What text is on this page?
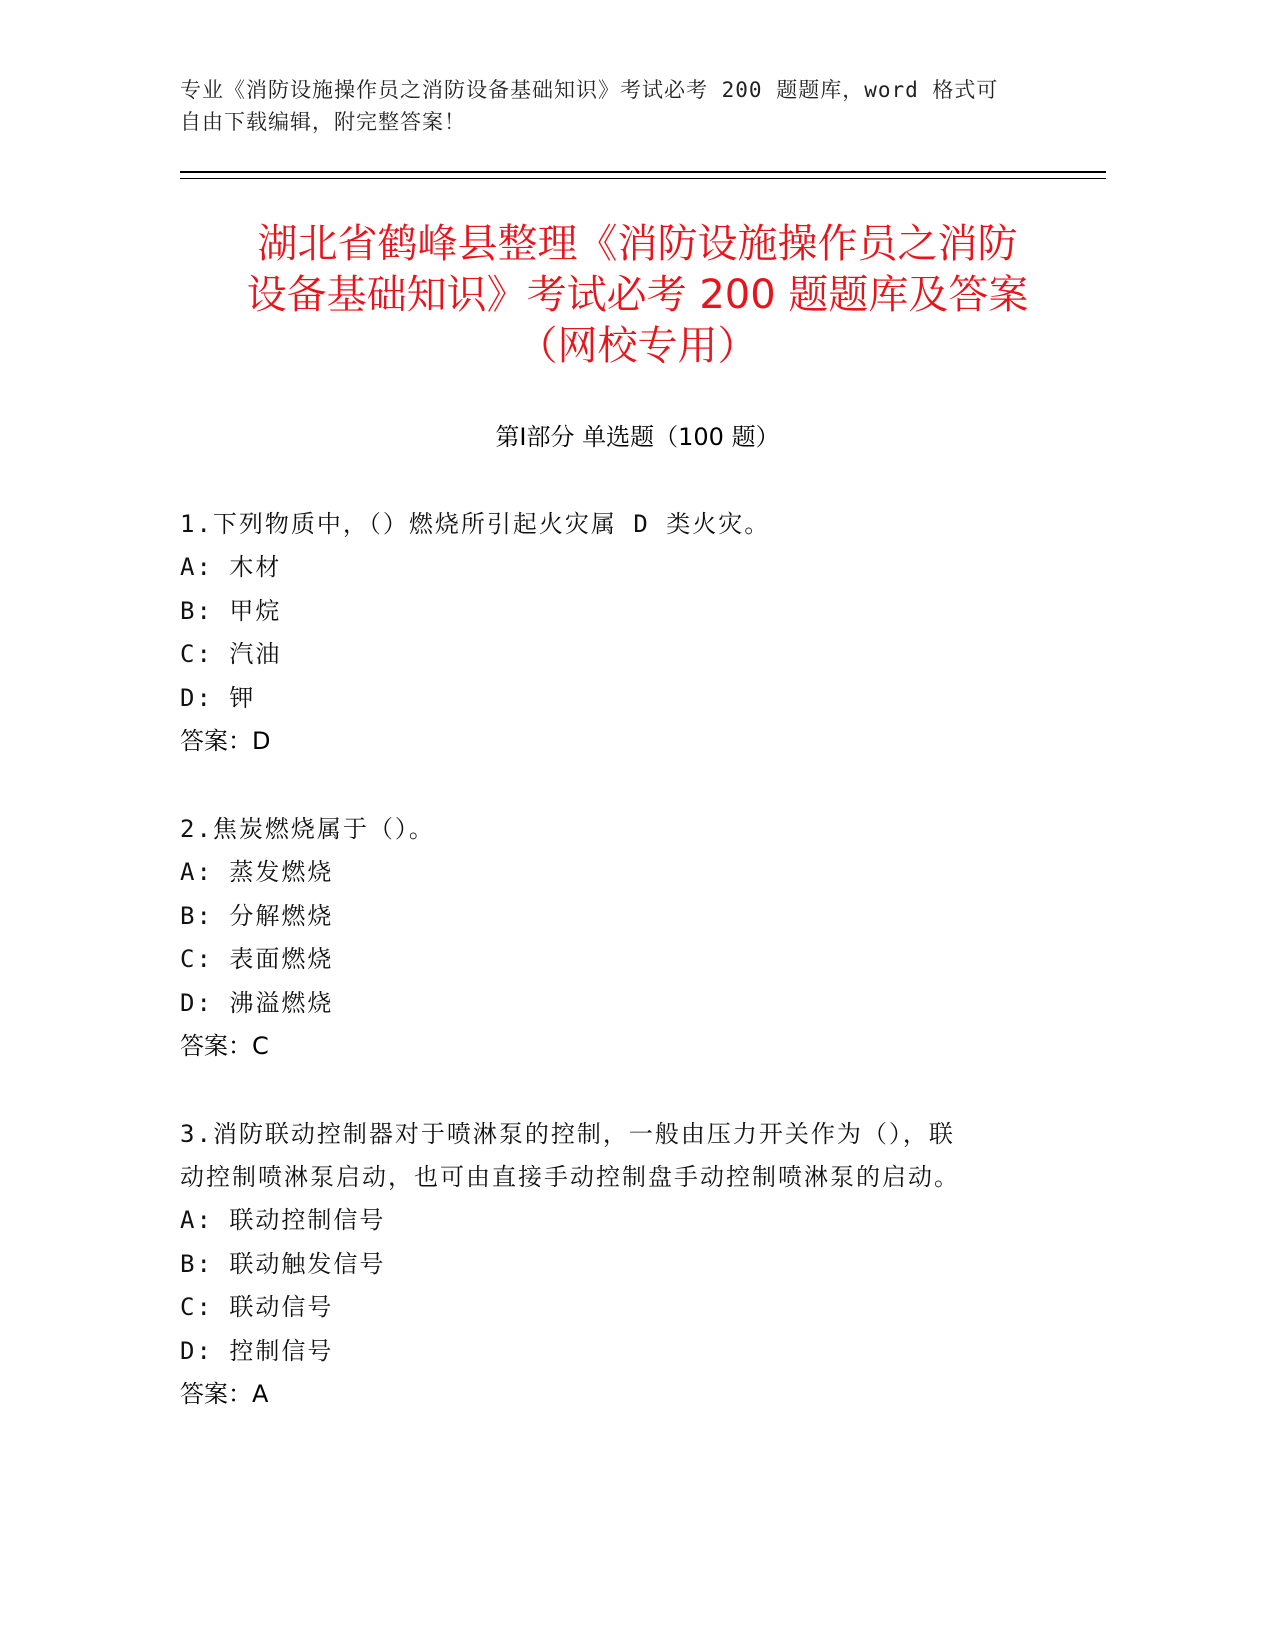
专业《消防设施操作员之消防设备基础知识》考试必考 200 题题库，word 格式可
自由下载编辑，附完整答案！
湖北省鹤峰县整理《消防设施操作员之消防
设备基础知识》考试必考 200 题题库及答案
（网校专用）
第Ⅰ部分 单选题（100 题）
1.下列物质中，（）燃烧所引起火灾属 D 类火灾。
A: 木材
B: 甲烷
C: 汽油
D: 钾
答案：D
2.焦炭燃烧属于（）。
A: 蒸发燃烧
B: 分解燃烧
C: 表面燃烧
D: 沸溢燃烧
答案：C
3.消防联动控制器对于喷淋泵的控制，一般由压力开关作为（），联
动控制喷淋泵启动，也可由直接手动控制盘手动控制喷淋泵的启动。
A: 联动控制信号
B: 联动触发信号
C: 联动信号
D: 控制信号
答案：A
